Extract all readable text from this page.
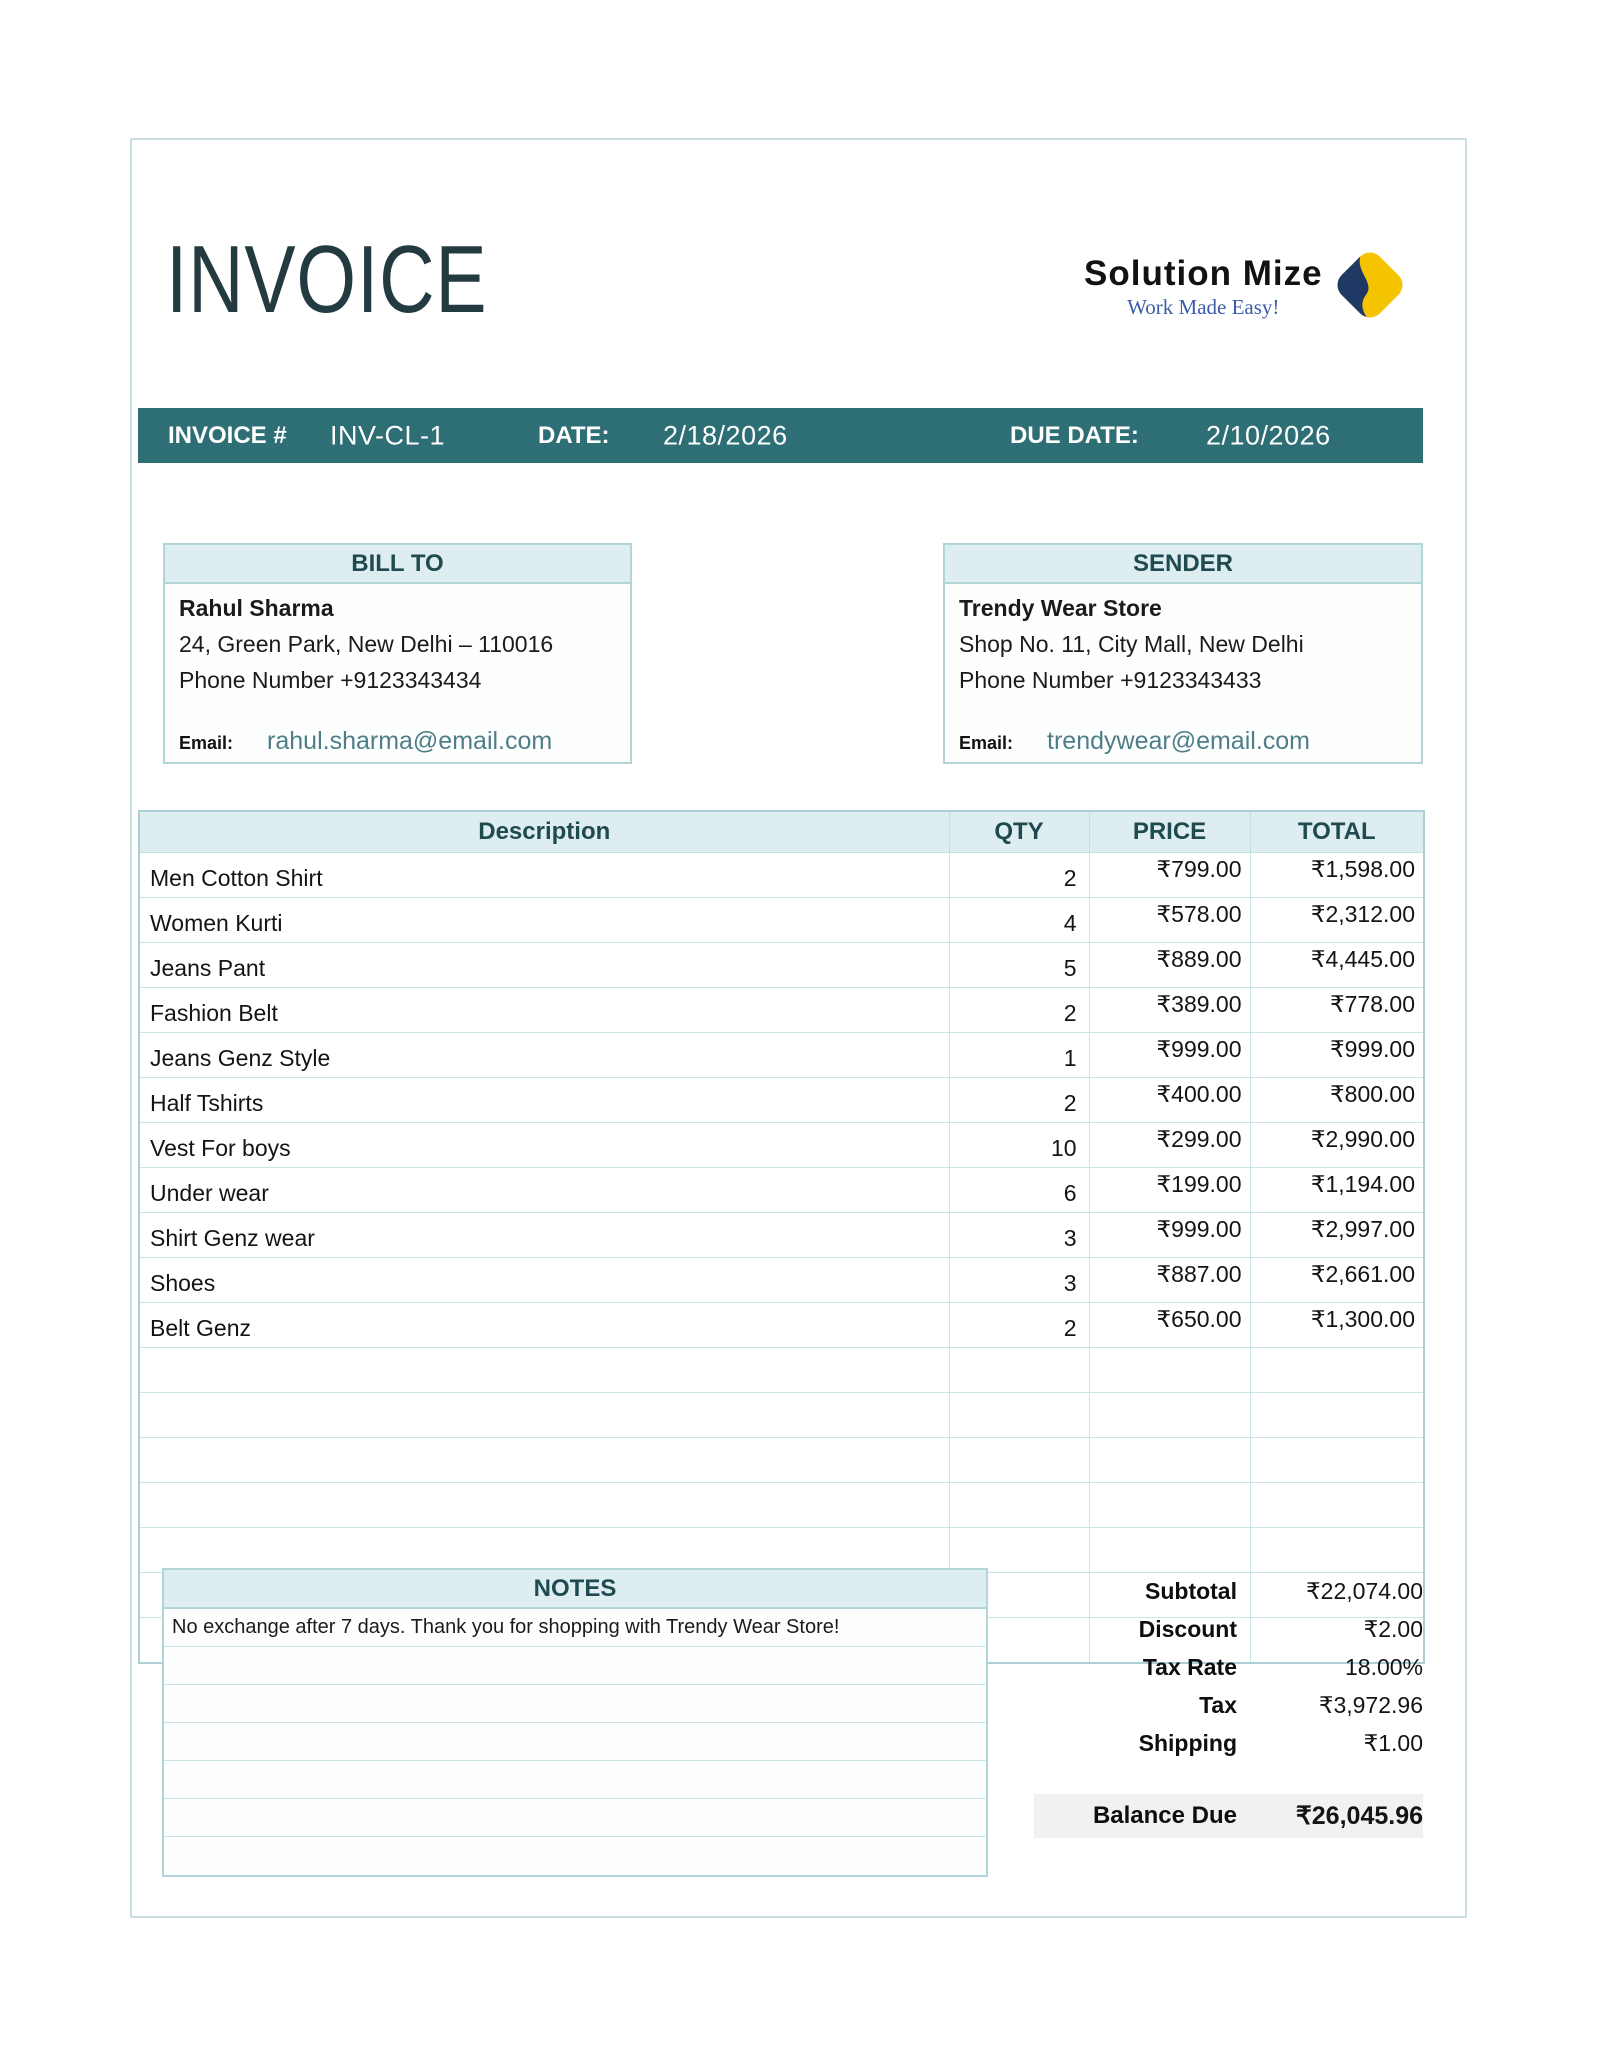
INVOICE	Solution Mize
Work Made Easy!
INVOICE # INV-CL-1	DATE: 2/18/2026	DUE DATE: 2/10/2026
BILL TO
Rahul Sharma
24, Green Park, New Delhi – 110016
Phone Number +9123343434
Email: rahul.sharma@email.com
SENDER
Trendy Wear Store
Shop No. 11, City Mall, New Delhi
Phone Number +9123343433
Email: trendywear@email.com
Description	QTY	PRICE	TOTAL
Men Cotton Shirt	2	₹799.00	₹1,598.00
Women Kurti	4	₹578.00	₹2,312.00
Jeans Pant	5	₹889.00	₹4,445.00
Fashion Belt	2	₹389.00	₹778.00
Jeans Genz Style	1	₹999.00	₹999.00
Half Tshirts	2	₹400.00	₹800.00
Vest For boys	10	₹299.00	₹2,990.00
Under wear	6	₹199.00	₹1,194.00
Shirt Genz wear	3	₹999.00	₹2,997.00
Shoes	3	₹887.00	₹2,661.00
Belt Genz	2	₹650.00	₹1,300.00

NOTES
No exchange after 7 days. Thank you for shopping with Trendy Wear Store!
Subtotal	₹22,074.00
Discount	₹2.00
Tax Rate	18.00%
Tax	₹3,972.96
Shipping	₹1.00
Balance Due	₹26,045.96
